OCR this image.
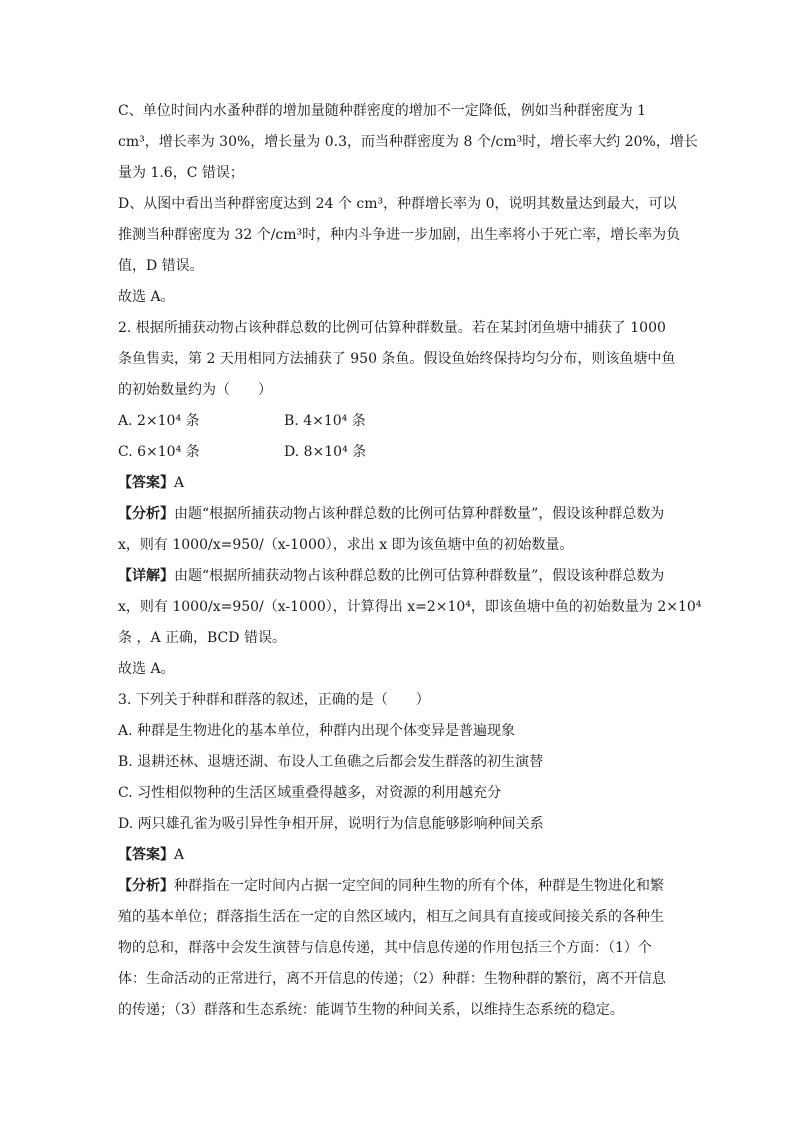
C、单位时间内水蚤种群的增加量随种群密度的增加不一定降低，例如当种群密度为 1
cm³，增长率为 30%，增长量为 0.3，而当种群密度为 8 个/cm³时，增长率大约 20%，增长
量为 1.6，C 错误；
D、从图中看出当种群密度达到 24 个 cm³，种群增长率为 0，说明其数量达到最大，可以
推测当种群密度为 32 个/cm³时，种内斗争进一步加剧，出生率将小于死亡率，增长率为负
值，D 错误。
故选 A。
2. 根据所捕获动物占该种群总数的比例可估算种群数量。若在某封闭鱼塘中捕获了 1000
条鱼售卖，第 2 天用相同方法捕获了 950 条鱼。假设鱼始终保持均匀分布，则该鱼塘中鱼
的初始数量约为（　　）
A. 2×10⁴ 条	B. 4×10⁴ 条
C. 6×10⁴ 条	D. 8×10⁴ 条
【答案】A
【分析】由题“根据所捕获动物占该种群总数的比例可估算种群数量”，假设该种群总数为
x，则有 1000/x=950/（x-1000），求出 x 即为该鱼塘中鱼的初始数量。
【详解】由题“根据所捕获动物占该种群总数的比例可估算种群数量”，假设该种群总数为
x，则有 1000/x=950/（x-1000），计算得出 x=2×10⁴，即该鱼塘中鱼的初始数量为 2×10⁴
条 ，A 正确，BCD 错误。
故选 A。
3. 下列关于种群和群落的叙述，正确的是（　　）
A. 种群是生物进化的基本单位，种群内出现个体变异是普遍现象
B. 退耕还林、退塘还湖、布设人工鱼礁之后都会发生群落的初生演替
C. 习性相似物种的生活区域重叠得越多，对资源的利用越充分
D. 两只雄孔雀为吸引异性争相开屏，说明行为信息能够影响种间关系
【答案】A
【分析】种群指在一定时间内占据一定空间的同种生物的所有个体，种群是生物进化和繁
殖的基本单位；群落指生活在一定的自然区域内，相互之间具有直接或间接关系的各种生
物的总和，群落中会发生演替与信息传递，其中信息传递的作用包括三个方面：（1）个
体：生命活动的正常进行，离不开信息的传递；（2）种群：生物种群的繁衍，离不开信息
的传递；（3）群落和生态系统：能调节生物的种间关系，以维持生态系统的稳定。
